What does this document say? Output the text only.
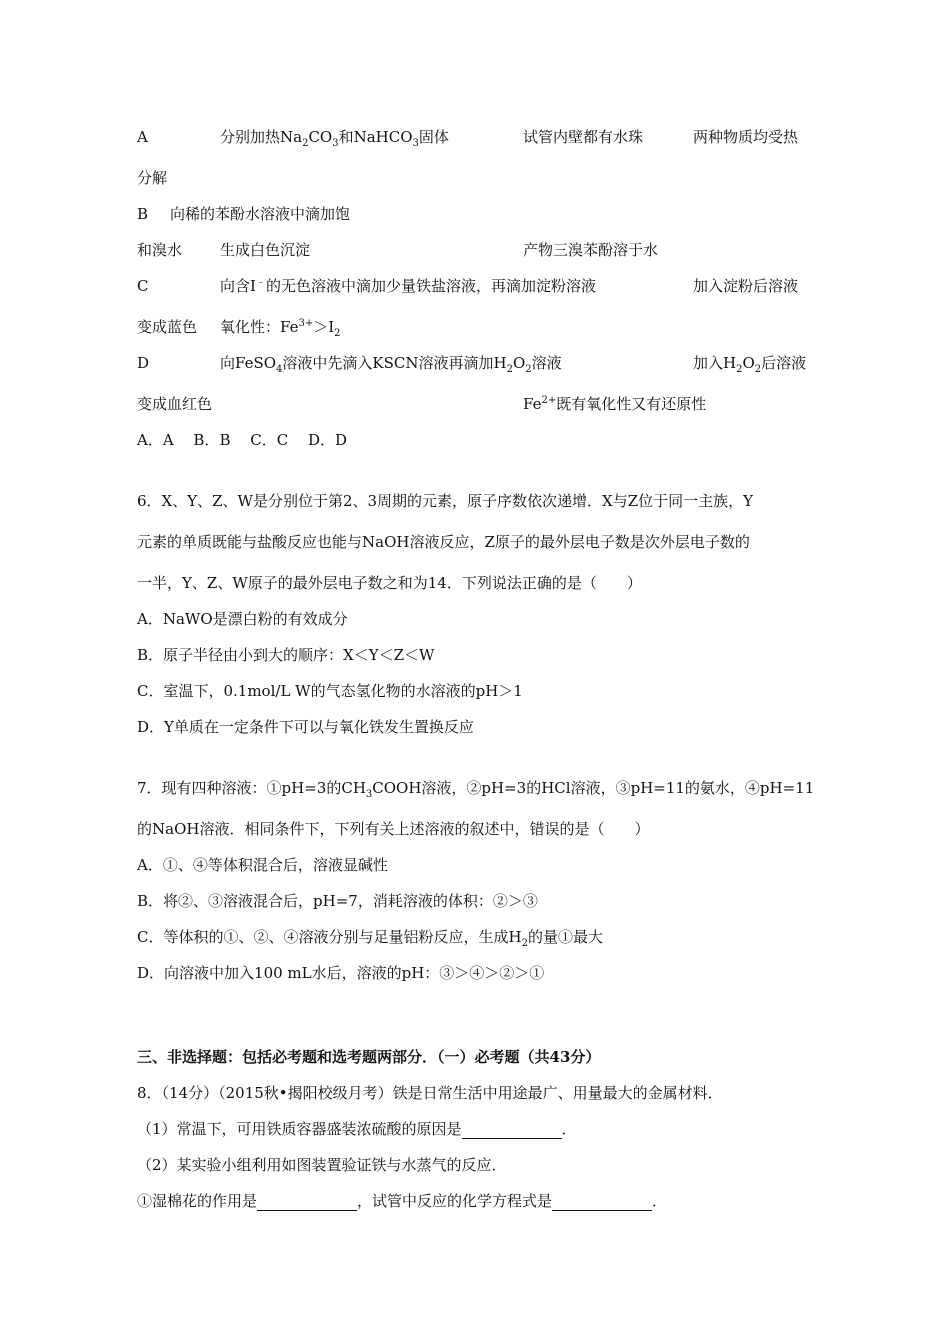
A	分别加热$Na_2CO_3$和NaHCO$_3$固体	试管内壁都有水珠	两种物质均受热
分解
B 向稀的苯酚水溶液中滴加饱
和溴水	生成白色沉淀	产物三溴苯酚溶于水
C	向含I﹣的无色溶液中滴加少量铁盐溶液，再滴加淀粉溶液	加入淀粉后溶液
变成蓝色 氧化性：$Fe^{3+}>I_2$
D	向FeSO$_4$溶液中先滴入KSCN溶液再滴加$H_2O_2$溶液	加入$H_2O_2$后溶液
变成血红色	$Fe^{2+}$既有氧化性又有还原性
A．A　 B．B　 C．C　 D．D
6．X、Y、Z、W是分别位于第2、3周期的元素，原子序数依次递增．X与Z位于同一主族，Y
元素的单质既能与盐酸反应也能与NaOH溶液反应，Z原子的最外层电子数是次外层电子数的
一半，Y、Z、W原子的最外层电子数之和为14．下列说法正确的是（　　）
A．NaWO是漂白粉的有效成分
B．原子半径由小到大的顺序：X＜Y＜Z＜W
C．室温下，0.1mol/L W的气态氢化物的水溶液的pH＞1
D．Y单质在一定条件下可以与氧化铁发生置换反应
7．现有四种溶液：①pH=3的$CH_3COOH$溶液，②pH=3的HCl溶液，③pH=11的氨水，④pH=11
的NaOH溶液．相同条件下，下列有关上述溶液的叙述中，错误的是（　　）
A．①、④等体积混合后，溶液显碱性
B．将②、③溶液混合后，pH=7，消耗溶液的体积：②＞③
C．等体积的①、②、④溶液分别与足量铝粉反应，生成$H_2$的量①最大
D．向溶液中加入100 mL水后，溶液的pH：③＞④＞②＞①
三、非选择题：包括必考题和选考题两部分．（一）必考题（共43分）
8．（14分）（2015秋•揭阳校级月考）铁是日常生活中用途最广、用量最大的金属材料．
（1）常温下，可用铁质容器盛装浓硫酸的原因是	．
（2）某实验小组利用如图装置验证铁与水蒸气的反应．
①湿棉花的作用是	，试管中反应的化学方程式是	．
